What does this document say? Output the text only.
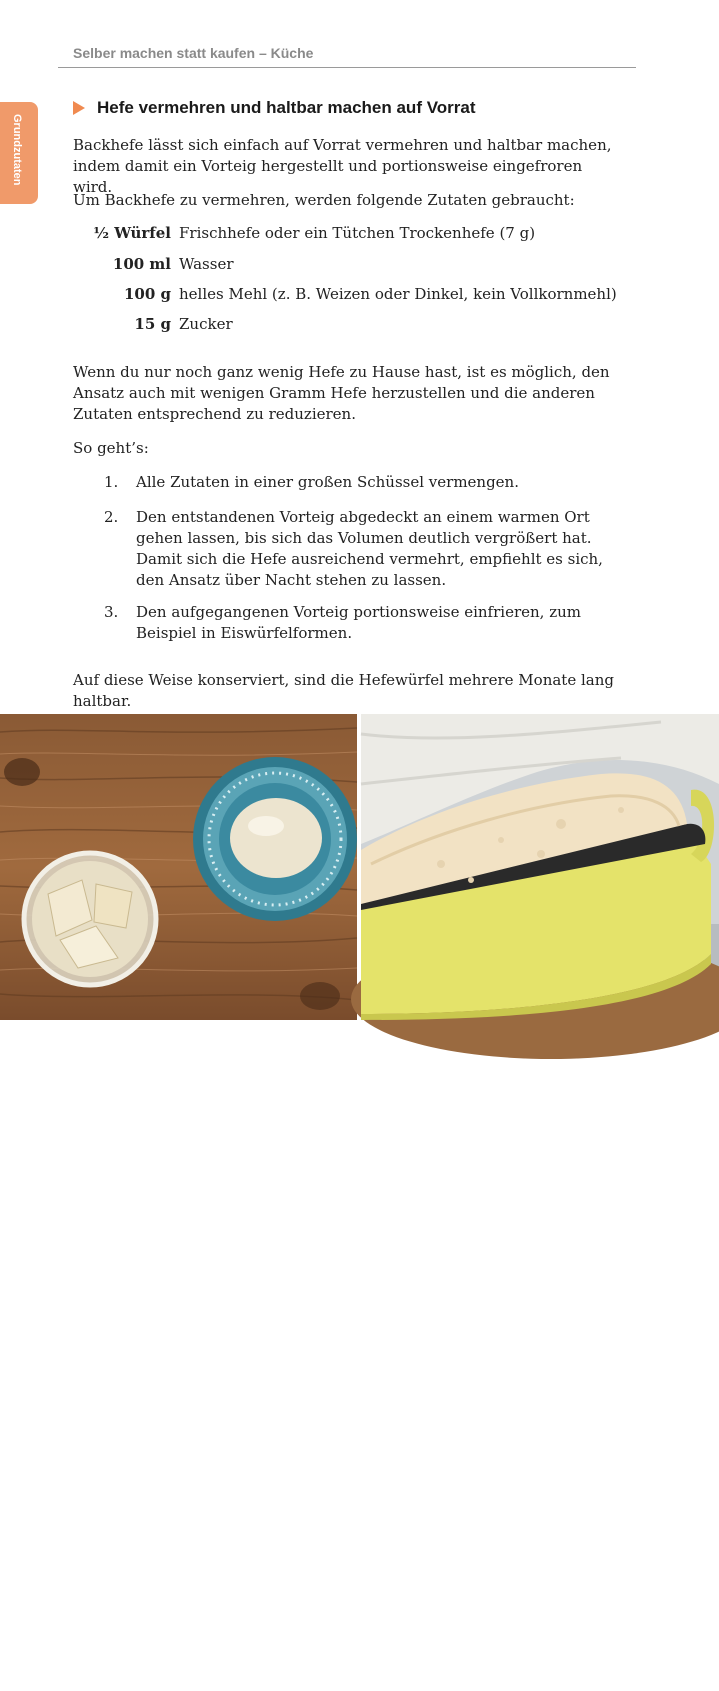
Selber machen statt kaufen – Küche
Grundzutaten
Hefe vermehren und haltbar machen auf Vorrat

Backhefe lässt sich einfach auf Vorrat vermehren und haltbar machen, indem damit ein Vorteig hergestellt und portionsweise eingefroren wird.

Um Backhefe zu vermehren, werden folgende Zutaten gebraucht:

½ Würfel Frischhefe oder ein Tütchen Trockenhefe (7 g)
100 ml Wasser
100 g helles Mehl (z. B. Weizen oder Dinkel, kein Vollkornmehl)
15 g Zucker

Wenn du nur noch ganz wenig Hefe zu Hause hast, ist es möglich, den Ansatz auch mit wenigen Gramm Hefe herzustellen und die anderen Zutaten entsprechend zu reduzieren.

So geht’s:

1.	Alle Zutaten in einer großen Schüssel vermengen.
2.	Den entstandenen Vorteig abgedeckt an einem warmen Ort gehen lassen, bis sich das Volumen deutlich vergrößert hat. Damit sich die Hefe ausreichend vermehrt, empfiehlt es sich, den Ansatz über Nacht stehen zu lassen.
3.	Den aufgegangenen Vorteig portionsweise einfrieren, zum Beispiel in Eiswürfelformen.

Auf diese Weise konserviert, sind die Hefewürfel mehrere Monate lang haltbar.

12
